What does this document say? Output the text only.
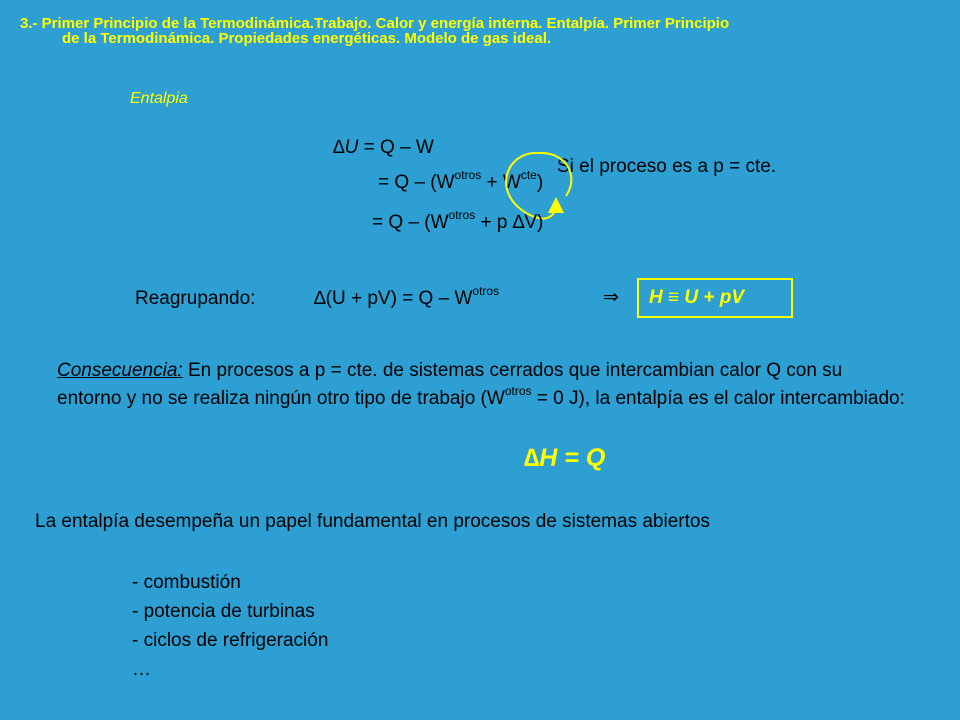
3.- Primer Principio de la Termodinámica.Trabajo. Calor y energía interna. Entalpía. Primer Principio
de la Termodinámica. Propiedades energéticas. Modelo de gas ideal.
Entalpia
∆U = Q – W
Si el proceso es a p = cte.
= $Q - (W^{otros} + W^{cte})$
= $Q - (W^{otros} + p$ ∆V)
Reagrupando:	$\Delta(U + pV) = Q - W^{otros}$	⇒ H ≡ U + pV
Consecuencia: En procesos a p = cte. de sistemas cerrados que intercambian calor Q con su entorno y no se realiza ningún otro tipo de trabajo ($W^{otros} = 0$ J), la entalpía es el calor intercambiado:
∆H = Q
La entalpía desempeña un papel fundamental en procesos de sistemas abiertos
- combustión
- potencia de turbinas
- ciclos de refrigeración
…
